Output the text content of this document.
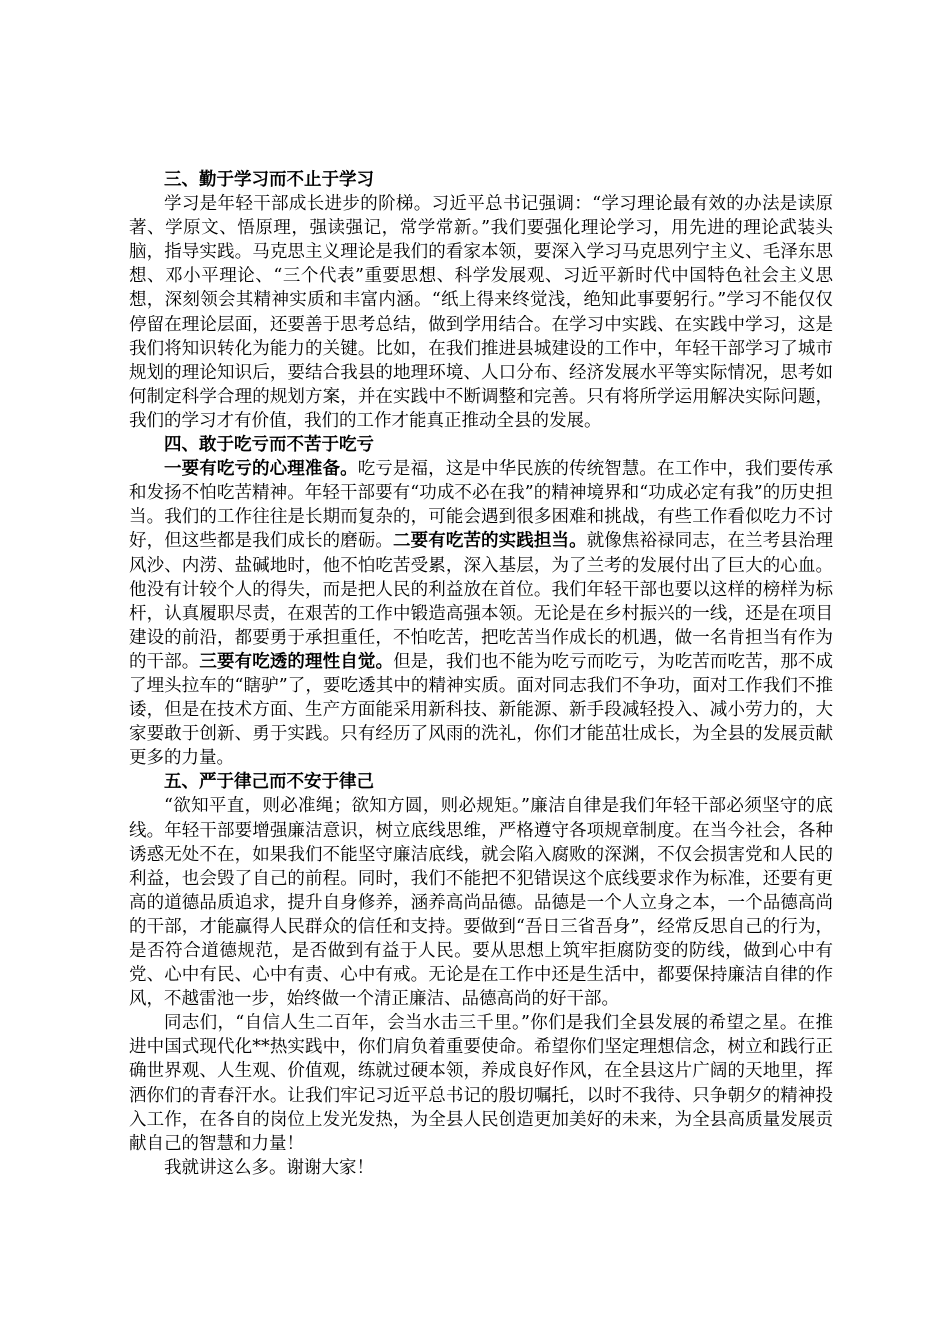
三、勤于学习而不止于学习

学习是年轻干部成长进步的阶梯。习近平总书记强调：“学习理论最有效的办法是读原著、学原文、悟原理，强读强记，常学常新。”我们要强化理论学习，用先进的理论武装头脑，指导实践。马克思主义理论是我们的看家本领，要深入学习马克思列宁主义、毛泽东思想、邓小平理论、“三个代表”重要思想、科学发展观、习近平新时代中国特色社会主义思想，深刻领会其精神实质和丰富内涵。“纸上得来终觉浅，绝知此事要躬行。”学习不能仅仅停留在理论层面，还要善于思考总结，做到学用结合。在学习中实践、在实践中学习，这是我们将知识转化为能力的关键。比如，在我们推进县城建设的工作中，年轻干部学习了城市规划的理论知识后，要结合我县的地理环境、人口分布、经济发展水平等实际情况，思考如何制定科学合理的规划方案，并在实践中不断调整和完善。只有将所学运用解决实际问题，我们的学习才有价值，我们的工作才能真正推动全县的发展。

四、敢于吃亏而不苦于吃亏

一要有吃亏的心理准备。吃亏是福，这是中华民族的传统智慧。在工作中，我们要传承和发扬不怕吃苦精神。年轻干部要有“功成不必在我”的精神境界和“功成必定有我”的历史担当。我们的工作往往是长期而复杂的，可能会遇到很多困难和挑战，有些工作看似吃力不讨好，但这些都是我们成长的磨砺。二要有吃苦的实践担当。就像焦裕禄同志，在兰考县治理风沙、内涝、盐碱地时，他不怕吃苦受累，深入基层，为了兰考的发展付出了巨大的心血。他没有计较个人的得失，而是把人民的利益放在首位。我们年轻干部也要以这样的榜样为标杆，认真履职尽责，在艰苦的工作中锻造高强本领。无论是在乡村振兴的一线，还是在项目建设的前沿，都要勇于承担重任，不怕吃苦，把吃苦当作成长的机遇，做一名肯担当有作为的干部。三要有吃透的理性自觉。但是，我们也不能为吃亏而吃亏，为吃苦而吃苦，那不成了埋头拉车的“瞎驴”了，要吃透其中的精神实质。面对同志我们不争功，面对工作我们不推诿，但是在技术方面、生产方面能采用新科技、新能源、新手段减轻投入、减小劳力的，大家要敢于创新、勇于实践。只有经历了风雨的洗礼，你们才能茁壮成长，为全县的发展贡献更多的力量。

五、严于律己而不安于律己

“欲知平直，则必准绳；欲知方圆，则必规矩。”廉洁自律是我们年轻干部必须坚守的底线。年轻干部要增强廉洁意识，树立底线思维，严格遵守各项规章制度。在当今社会，各种诱惑无处不在，如果我们不能坚守廉洁底线，就会陷入腐败的深渊，不仅会损害党和人民的利益，也会毁了自己的前程。同时，我们不能把不犯错误这个底线要求作为标准，还要有更高的道德品质追求，提升自身修养，涵养高尚品德。品德是一个人立身之本，一个品德高尚的干部，才能赢得人民群众的信任和支持。要做到“吾日三省吾身”，经常反思自己的行为，是否符合道德规范，是否做到有益于人民。要从思想上筑牢拒腐防变的防线，做到心中有党、心中有民、心中有责、心中有戒。无论是在工作中还是生活中，都要保持廉洁自律的作风，不越雷池一步，始终做一个清正廉洁、品德高尚的好干部。

同志们，“自信人生二百年，会当水击三千里。”你们是我们全县发展的希望之星。在推进中国式现代化**热实践中，你们肩负着重要使命。希望你们坚定理想信念，树立和践行正确世界观、人生观、价值观，练就过硬本领，养成良好作风，在全县这片广阔的天地里，挥洒你们的青春汗水。让我们牢记习近平总书记的殷切嘱托，以时不我待、只争朝夕的精神投入工作，在各自的岗位上发光发热，为全县人民创造更加美好的未来，为全县高质量发展贡献自己的智慧和力量！

我就讲这么多。谢谢大家！
